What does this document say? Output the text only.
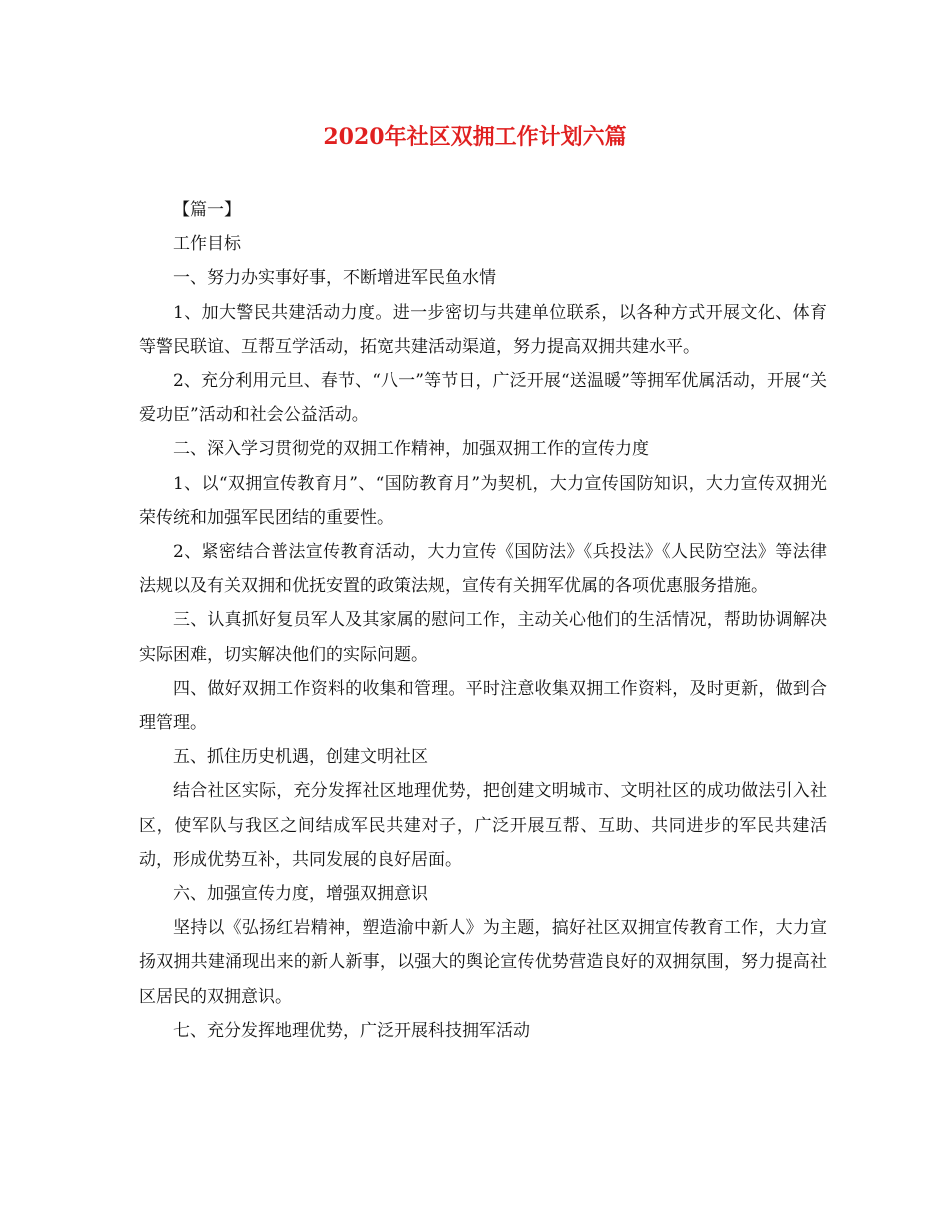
2020年社区双拥工作计划六篇

【篇一】

工作目标

一、努力办实事好事，不断增进军民鱼水情

1、加大警民共建活动力度。进一步密切与共建单位联系，以各种方式开展文化、体育等警民联谊、互帮互学活动，拓宽共建活动渠道，努力提高双拥共建水平。

2、充分利用元旦、春节、“八一”等节日，广泛开展“送温暖”等拥军优属活动，开展“关爱功臣”活动和社会公益活动。

二、深入学习贯彻党的双拥工作精神，加强双拥工作的宣传力度

1、以“双拥宣传教育月”、“国防教育月”为契机，大力宣传国防知识，大力宣传双拥光荣传统和加强军民团结的重要性。

2、紧密结合普法宣传教育活动，大力宣传《国防法》《兵投法》《人民防空法》等法律法规以及有关双拥和优抚安置的政策法规，宣传有关拥军优属的各项优惠服务措施。

三、认真抓好复员军人及其家属的慰问工作，主动关心他们的生活情况，帮助协调解决实际困难，切实解决他们的实际问题。

四、做好双拥工作资料的收集和管理。平时注意收集双拥工作资料，及时更新，做到合理管理。

五、抓住历史机遇，创建文明社区

结合社区实际，充分发挥社区地理优势，把创建文明城市、文明社区的成功做法引入社区，使军队与我区之间结成军民共建对子，广泛开展互帮、互助、共同进步的军民共建活动，形成优势互补，共同发展的良好居面。

六、加强宣传力度，增强双拥意识

坚持以《弘扬红岩精神，塑造渝中新人》为主题，搞好社区双拥宣传教育工作，大力宣扬双拥共建涌现出来的新人新事，以强大的舆论宣传优势营造良好的双拥氛围，努力提高社区居民的双拥意识。

七、充分发挥地理优势，广泛开展科技拥军活动
